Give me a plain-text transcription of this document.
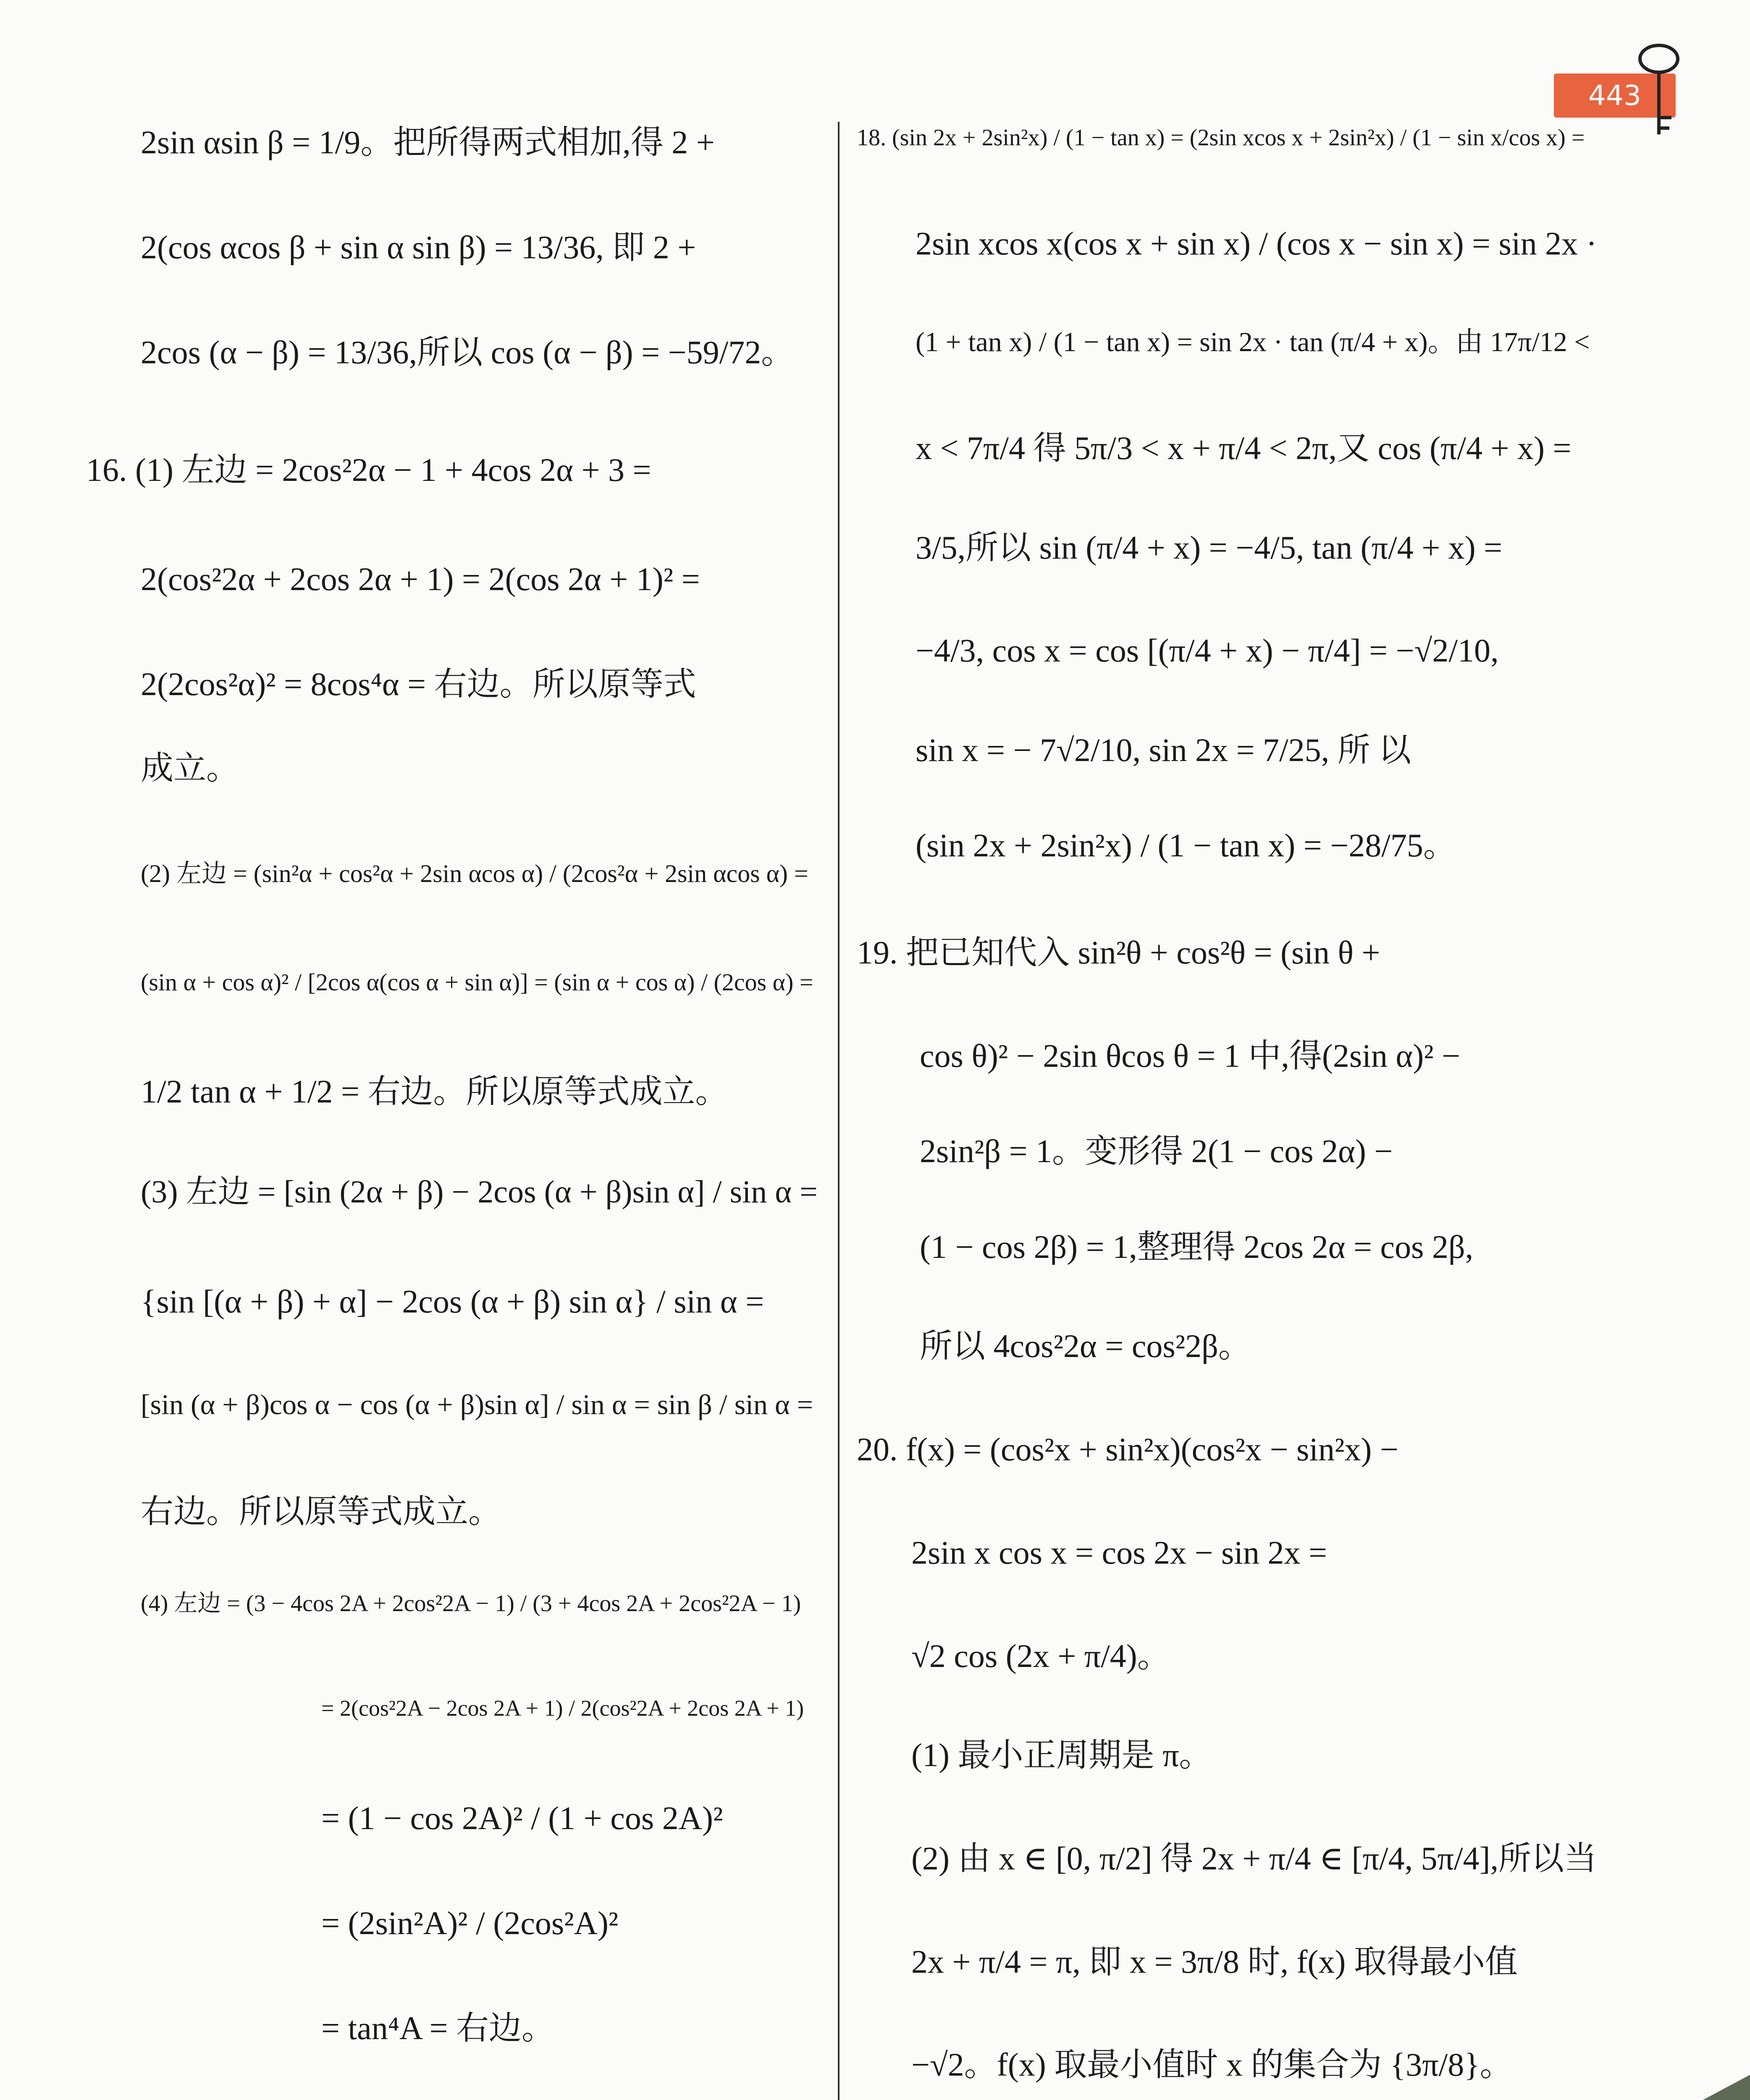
443
2sin αsin β = 1/9。把所得两式相加,得 2 +
2(cos αcos β + sin α sin β) = 13/36, 即 2 +
2cos (α − β) = 13/36,所以 cos (α − β) = −59/72。
16. (1) 左边 = 2cos²2α − 1 + 4cos 2α + 3 =
2(cos²2α + 2cos 2α + 1) = 2(cos 2α + 1)² =
2(2cos²α)² = 8cos⁴α = 右边。所以原等式
成立。
(2) 左边 = (sin²α + cos²α + 2sin αcos α) / (2cos²α + 2sin αcos α) =
(sin α + cos α)² / [2cos α(cos α + sin α)] = (sin α + cos α) / (2cos α) =
1/2 tan α + 1/2 = 右边。所以原等式成立。
(3) 左边 = [sin (2α + β) − 2cos (α + β)sin α] / sin α =
{sin [(α + β) + α] − 2cos (α + β) sin α} / sin α =
[sin (α + β)cos α − cos (α + β)sin α] / sin α = sin β / sin α =
右边。所以原等式成立。
(4) 左边 = (3 − 4cos 2A + 2cos²2A − 1) / (3 + 4cos 2A + 2cos²2A − 1)
= 2(cos²2A − 2cos 2A + 1) / 2(cos²2A + 2cos 2A + 1)
= (1 − cos 2A)² / (1 + cos 2A)²
= (2sin²A)² / (2cos²A)²
= tan⁴A = 右边。
18. (sin 2x + 2sin²x) / (1 − tan x) = (2sin xcos x + 2sin²x) / (1 − sin x/cos x) =
2sin xcos x(cos x + sin x) / (cos x − sin x) = sin 2x ·
(1 + tan x) / (1 − tan x) = sin 2x · tan (π/4 + x)。由 17π/12 <
x < 7π/4 得 5π/3 < x + π/4 < 2π,又 cos (π/4 + x) =
3/5,所以 sin (π/4 + x) = −4/5, tan (π/4 + x) =
−4/3, cos x = cos [(π/4 + x) − π/4] = −√2/10,
sin x = − 7√2/10, sin 2x = 7/25, 所 以
(sin 2x + 2sin²x) / (1 − tan x) = −28/75。
19. 把已知代入 sin²θ + cos²θ = (sin θ +
cos θ)² − 2sin θcos θ = 1 中,得(2sin α)² −
2sin²β = 1。变形得 2(1 − cos 2α) −
(1 − cos 2β) = 1,整理得 2cos 2α = cos 2β,
所以 4cos²2α = cos²2β。
20. f(x) = (cos²x + sin²x)(cos²x − sin²x) −
2sin x cos x = cos 2x − sin 2x =
√2 cos (2x + π/4)。
(1) 最小正周期是 π。
(2) 由 x ∈ [0, π/2] 得 2x + π/4 ∈ [π/4, 5π/4],所以当
2x + π/4 = π, 即 x = 3π/8 时, f(x) 取得最小值
−√2。f(x) 取最小值时 x 的集合为 {3π/8}。
